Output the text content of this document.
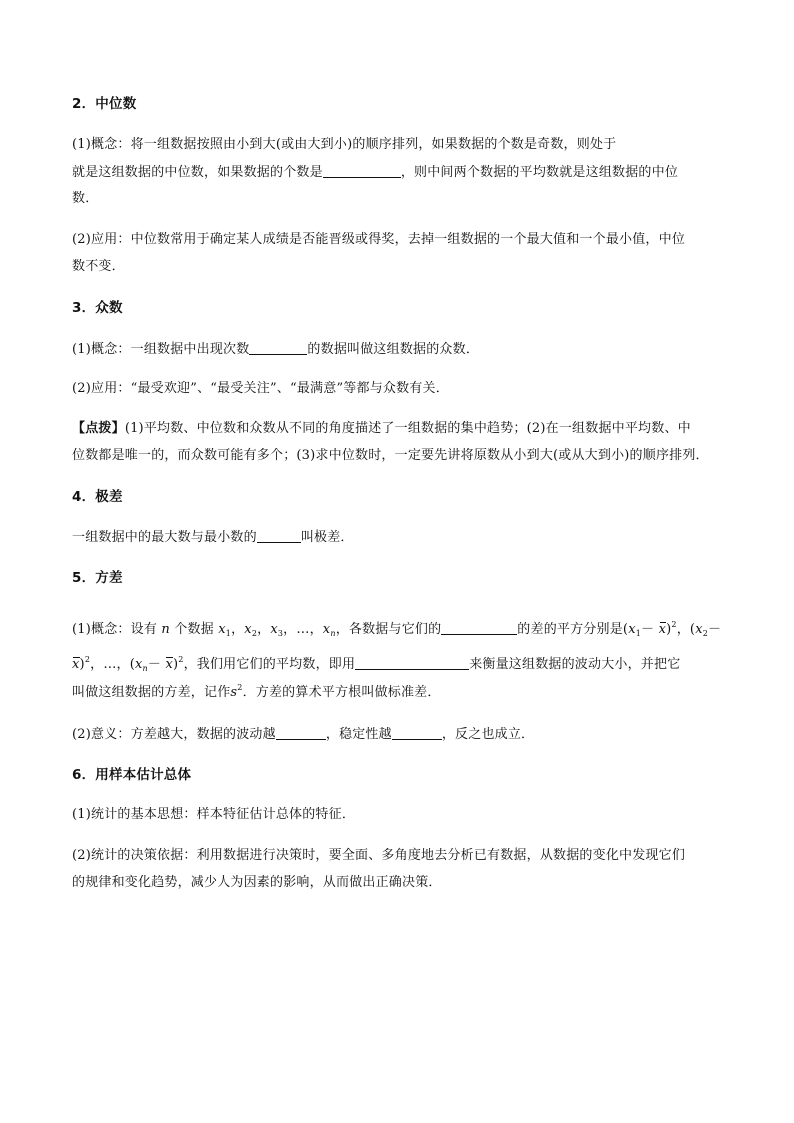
2．中位数
(1)概念：将一组数据按照由小到大(或由大到小)的顺序排列，如果数据的个数是奇数，则处于
就是这组数据的中位数，如果数据的个数是	，则中间两个数据的平均数就是这组数据的中位
数．
(2)应用：中位数常用于确定某人成绩是否能晋级或得奖，去掉一组数据的一个最大值和一个最小值，中位
数不变．
3．众数
(1)概念：一组数据中出现次数	的数据叫做这组数据的众数．
(2)应用：“最受欢迎”、“最受关注”、“最满意”等都与众数有关．
【点拨】(1)平均数、中位数和众数从不同的角度描述了一组数据的集中趋势；(2)在一组数据中平均数、中
位数都是唯一的，而众数可能有多个；(3)求中位数时，一定要先讲将原数从小到大(或从大到小)的顺序排列．
4．极差
一组数据中的最大数与最小数的	叫极差．
5．方差
(1)概念：设有 n 个数据 $x_1$，$x_2$，$x_3$，…，$x_n$，各数据与它们的	的差的平方分别是$(x_1- x)^2$，($x_2-$
x)$^2$，…，$(x_n- x)^2$，我们用它们的平均数，即用	来衡量这组数据的波动大小，并把它
叫做这组数据的方差，记作$s^2$．方差的算术平方根叫做标准差．
(2)意义：方差越大，数据的波动越	，稳定性越	，反之也成立．
6．用样本估计总体
(1)统计的基本思想：样本特征估计总体的特征．
(2)统计的决策依据：利用数据进行决策时，要全面、多角度地去分析已有数据，从数据的变化中发现它们
的规律和变化趋势，减少人为因素的影响，从而做出正确决策．
